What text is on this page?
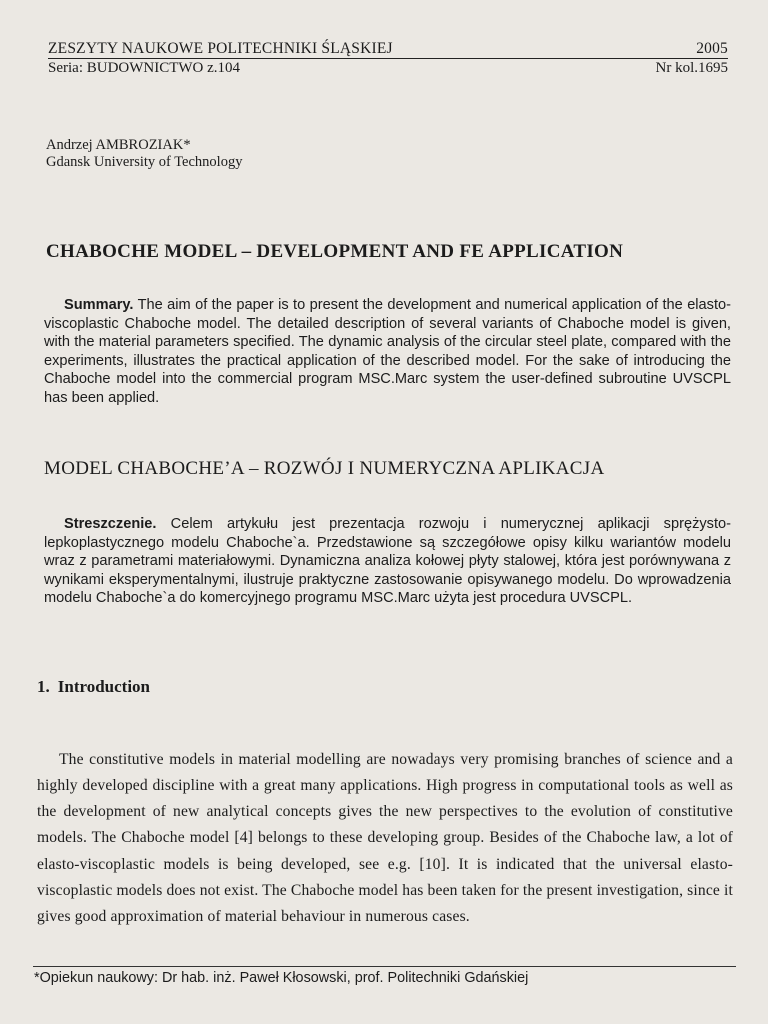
ZESZYTY NAUKOWE POLITECHNIKI ŚLĄSKIEJ	2005
Seria: BUDOWNICTWO z.104	Nr kol.1695
Andrzej AMBROZIAK*
Gdansk University of Technology
CHABOCHE MODEL – DEVELOPMENT AND FE APPLICATION
Summary. The aim of the paper is to present the development and numerical application of the elasto-viscoplastic Chaboche model. The detailed description of several variants of Chaboche model is given, with the material parameters specified. The dynamic analysis of the circular steel plate, compared with the experiments, illustrates the practical application of the described model. For the sake of introducing the Chaboche model into the commercial program MSC.Marc system the user-defined subroutine UVSCPL has been applied.
MODEL CHABOCHE’A – ROZWÓJ I NUMERYCZNA APLIKACJA
Streszczenie. Celem artykułu jest prezentacja rozwoju i numerycznej aplikacji sprężysto-lepkoplastycznego modelu Chaboche`a. Przedstawione są szczegółowe opisy kilku wariantów modelu wraz z parametrami materiałowymi. Dynamiczna analiza kołowej płyty stalowej, która jest porównywana z wynikami eksperymentalnymi, ilustruje praktyczne zastosowanie opisywanego modelu. Do wprowadzenia modelu Chaboche`a do komercyjnego programu MSC.Marc użyta jest procedura UVSCPL.
1. Introduction

The constitutive models in material modelling are nowadays very promising branches of science and a highly developed discipline with a great many applications. High progress in computational tools as well as the development of new analytical concepts gives the new perspectives to the evolution of constitutive models. The Chaboche model [4] belongs to these developing group. Besides of the Chaboche law, a lot of elasto-viscoplastic models is being developed, see e.g. [10]. It is indicated that the universal elasto-viscoplastic models does not exist. The Chaboche model has been taken for the present investigation, since it gives good approximation of material behaviour in numerous cases.

*Opiekun naukowy: Dr hab. inż. Paweł Kłosowski, prof. Politechniki Gdańskiej
